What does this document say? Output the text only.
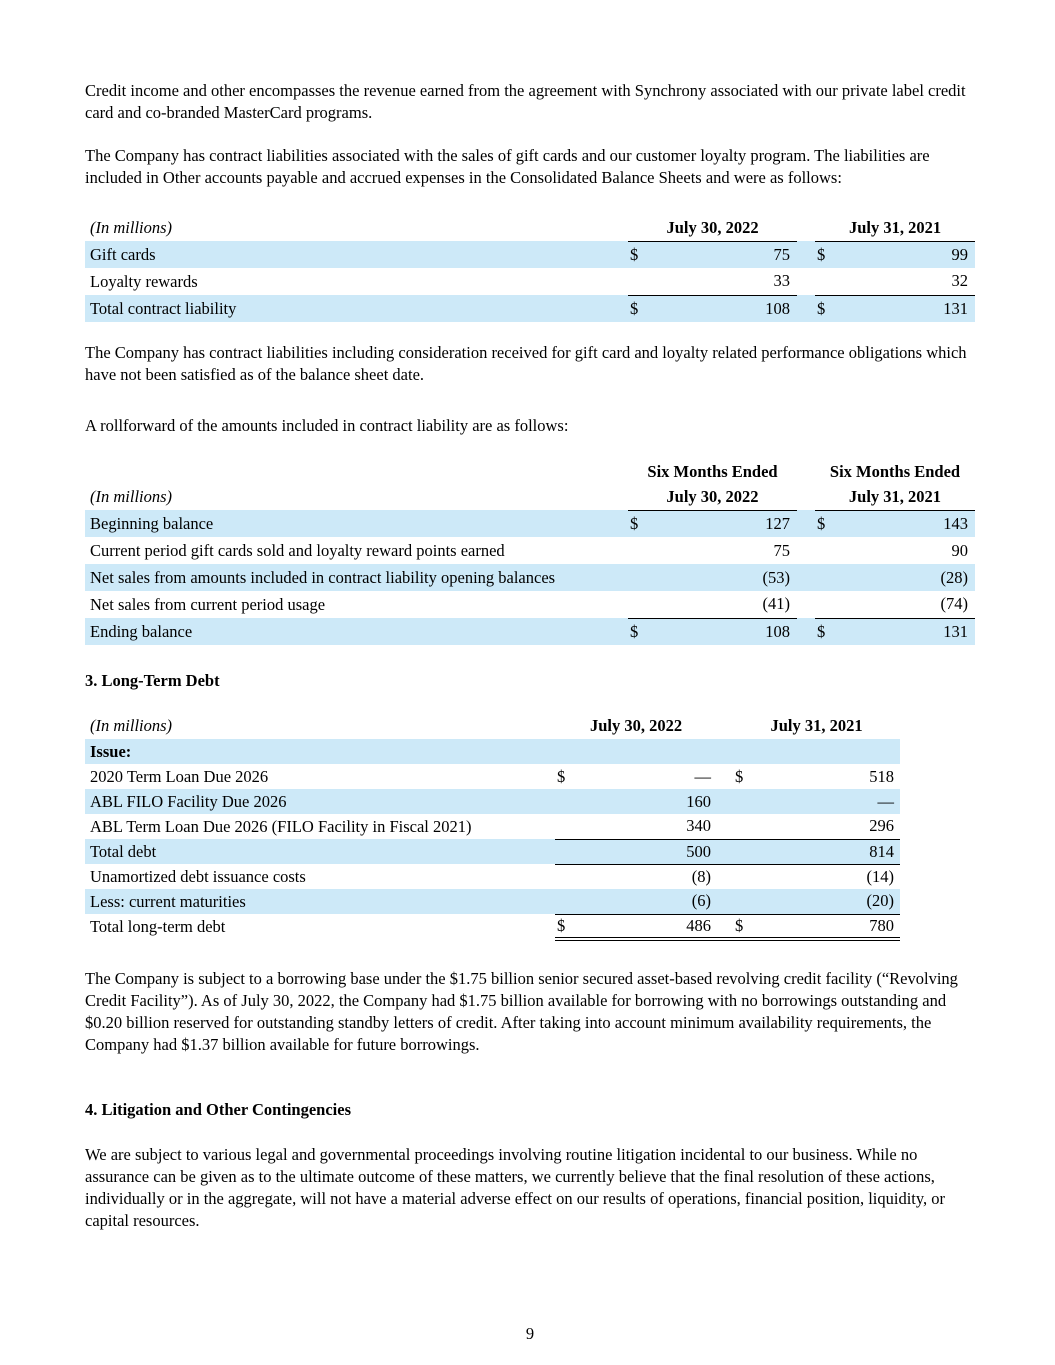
Credit income and other encompasses the revenue earned from the agreement with Synchrony associated with our private label credit card and co-branded MasterCard programs.

The Company has contract liabilities associated with the sales of gift cards and our customer loyalty program. The liabilities are included in Other accounts payable and accrued expenses in the Consolidated Balance Sheets and were as follows:

(In millions)	July 30, 2022			July 31, 2021	
Gift cards	$	75		$	99
Loyalty rewards		33			32
Total contract liability	$	108		$	131

The Company has contract liabilities including consideration received for gift card and loyalty related performance obligations which have not been satisfied as of the balance sheet date.

A rollforward of the amounts included in contract liability are as follows:

	Six Months Ended			Six Months Ended	
(In millions)	July 30, 2022			July 31, 2021	
Beginning balance	$	127		$	143
Current period gift cards sold and loyalty reward points earned		75			90
Net sales from amounts included in contract liability opening balances		(53)			(28)
Net sales from current period usage		(41)			(74)
Ending balance	$	108		$	131
3. Long-Term Debt
(In millions)	July 30, 2022			July 31, 2021	
Issue:					
2020 Term Loan Due 2026	$	—		$	518
ABL FILO Facility Due 2026		160			—
ABL Term Loan Due 2026 (FILO Facility in Fiscal 2021)		340			296
Total debt		500			814
Unamortized debt issuance costs		(8)			(14)
Less: current maturities		(6)			(20)
Total long-term debt	$	486		$	780

The Company is subject to a borrowing base under the $1.75 billion senior secured asset-based revolving credit facility (“Revolving Credit Facility”). As of July 30, 2022, the Company had $1.75 billion available for borrowing with no borrowings outstanding and $0.20 billion reserved for outstanding standby letters of credit. After taking into account minimum availability requirements, the Company had $1.37 billion available for future borrowings.

4. Litigation and Other Contingencies

We are subject to various legal and governmental proceedings involving routine litigation incidental to our business. While no assurance can be given as to the ultimate outcome of these matters, we currently believe that the final resolution of these actions, individually or in the aggregate, will not have a material adverse effect on our results of operations, financial position, liquidity, or capital resources.

9
